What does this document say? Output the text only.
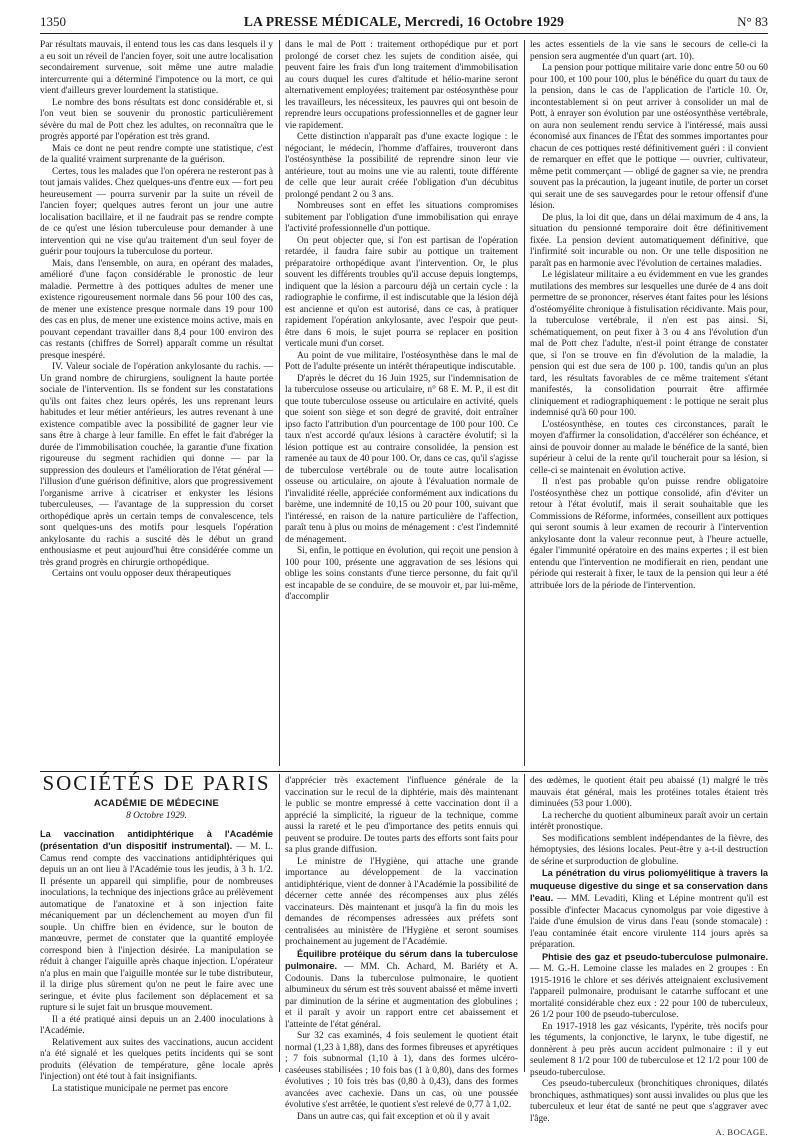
1350	LA PRESSE MÉDICALE, Mercredi, 16 Octobre 1929	N° 83

Par résultats mauvais, il entend tous les cas dans lesquels il y a eu soit un réveil de l'ancien foyer, soit une autre localisation secondairement survenue, soit même une autre maladie intercurrente qui a déterminé l'impotence ou la mort, ce qui vient d'ailleurs grever lourdement la statistique.

Le nombre des bons résultats est donc considérable et, si l'on veut bien se souvenir du pronostic particulièrement sévère du mal de Pott chez les adultes, on reconnaîtra que le progrès apporté par l'opération est très grand.

Mais ce dont ne peut rendre compte une statistique, c'est de la qualité vraiment surprenante de la guérison.

Certes, tous les malades que l'on opérera ne resteront pas à tout jamais valides. Chez quelques-uns d'entre eux — fort peu heureusement — pourra survenir par la suite un réveil de l'ancien foyer; quelques autres feront un jour une autre localisation bacillaire, et il ne faudrait pas se rendre compte de ce qu'est une lésion tuberculeuse pour demander à une intervention qui ne vise qu'au traitement d'un seul foyer de guérir pour toujours la tuberculose du porteur.

Mais, dans l'ensemble, on aura, en opérant des malades, amélioré d'une façon considérable le pronostic de leur maladie. Permettre à des pottiques adultes de mener une existence rigoureusement normale dans 56 pour 100 des cas, de mener une existence presque normale dans 19 pour 100 des cas en plus, de mener une existence moins active, mais en pouvant cependant travailler dans 8,4 pour 100 environ des cas restants (chiffres de Sorrel) apparaît comme un résultat presque inespéré.

IV. Valeur sociale de l'opération ankylosante du rachis. — Un grand nombre de chirurgiens, soulignent la haute portée sociale de l'intervention. Ils se fondent sur les constatations qu'ils ont faites chez leurs opérés, les uns reprenant leurs habitudes et leur métier antérieurs, les autres revenant à une existence compatible avec la possibilité de gagner leur vie sans être à charge à leur famille. En effet le fait d'abréger la durée de l'immobilisation couchée, la garantie d'une fixation rigoureuse du segment rachidien qui donne — par la suppression des douleurs et l'amélioration de l'état général — l'illusion d'une guérison définitive, alors que progressivement l'organisme arrive à cicatriser et enkyster les lésions tuberculeuses, — l'avantage de la suppression du corset orthopédique après un certain temps de convalescence, tels sont quelques-uns des motifs pour lesquels l'opération ankylosante du rachis a suscité dès le début un grand enthousiasme et peut aujourd'hui être considérée comme un très grand progrès en chirurgie orthopédique.

Certains ont voulu opposer deux thérapeutiques

dans le mal de Pott : traitement orthopédique pur et port prolongé de corset chez les sujets de condition aisée, qui peuvent faire les frais d'un long traitement d'immobilisation au cours duquel les cures d'altitude et hélio-marine seront alternativement employées; traitement par ostéosynthèse pour les travailleurs, les nécessiteux, les pauvres qui ont besoin de reprendre leurs occupations professionnelles et de gagner leur vie rapidement.

Cette distinction n'apparaît pas d'une exacte logique : le négociant, le médecin, l'homme d'affaires, trouveront dans l'ostéosynthèse la possibilité de reprendre sinon leur vie antérieure, tout au moins une vie au ralenti, toute différente de celle que leur aurait créée l'obligation d'un décubitus prolongé pendant 2 ou 3 ans.

Nombreuses sont en effet les situations compromises subitement par l'obligation d'une immobilisation qui enraye l'activité professionnelle d'un pottique.

On peut objecter que, si l'on est partisan de l'opération retardée, il faudra faire subir au pottique un traitement préparatoire orthopédique avant l'intervention. Or, le plus souvent les différents troubles qu'il accuse depuis longtemps, indiquent que la lésion a parcouru déjà un certain cycle : la radiographie le confirme, il est indiscutable que la lésion déjà est ancienne et qu'on est autorisé, dans ce cas, à pratiquer rapidement l'opération ankylosante, avec l'espoir que peut-être dans 6 mois, le sujet pourra se replacer en position verticale muni d'un corset.

Au point de vue militaire, l'ostéosynthèse dans le mal de Pott de l'adulte présente un intérêt thérapeutique indiscutable.

D'après le décret du 16 Juin 1925, sur l'indemnisation de la tuberculose osseuse ou articulaire, n° 68 E. M. P., il est dit que toute tuberculose osseuse ou articulaire en activité, quels que soient son siège et son degré de gravité, doit entraîner ipso facto l'attribution d'un pourcentage de 100 pour 100. Ce taux n'est accordé qu'aux lésions à caractère évolutif; si la lésion pottique est au contraire consolidée, la pension est ramenée au taux de 40 pour 100. Or, dans ce cas, qu'il s'agisse de tuberculose vertébrale ou de toute autre localisation osseuse ou articulaire, on ajoute à l'évaluation normale de l'invalidité réelle, appréciée conformément aux indications du barème, une indemnité de 10,15 ou 20 pour 100, suivant que l'intéressé, en raison de la nature particulière de l'affection, paraît tenu à plus ou moins de ménagement : c'est l'indemnité de ménagement.

Si, enfin, le pottique en évolution, qui reçoit une pension à 100 pour 100, présente une aggravation de ses lésions qui oblige les soins constants d'une tierce personne, du fait qu'il est incapable de se conduire, de se mouvoir et, par lui-même, d'accomplir

les actes essentiels de la vie sans le secours de celle-ci la pension sera augmentée d'un quart (art. 10).

La pension pour pottique militaire varie donc entre 50 ou 60 pour 100, et 100 pour 100, plus le bénéfice du quart du taux de la pension, dans le cas de l'application de l'article 10. Or, incontestablement si on peut arriver à consolider un mal de Pott, à enrayer son évolution par une ostéosynthèse vertébrale, on aura non seulement rendu service à l'intéressé, mais aussi économisé aux finances de l'État des sommes importantes pour chacun de ces pottiques resté définitivement guéri : il convient de remarquer en effet que le pottique — ouvrier, cultivateur, même petit commerçant — obligé de gagner sa vie, ne prendra souvent pas la précaution, la jugeant inutile, de porter un corset qui serait une de ses sauvegardes pour le retour offensif d'une lésion.

De plus, la loi dit que, dans un délai maximum de 4 ans, la situation du pensionné temporaire doit être définitivement fixée. La pension devient automatiquement définitive, que l'infirmité soit incurable ou non. Or une telle disposition ne paraît pas en harmonie avec l'évolution de certaines maladies.

Le législateur militaire a eu évidemment en vue les grandes mutilations des membres sur lesquelles une durée de 4 ans doit permettre de se prononcer, réserves étant faites pour les lésions d'ostéomyélite chronique à fistulisation récidivante. Mais pour, la tuberculose vertébrale, il n'en est pas ainsi. Si, schématiquement, on peut fixer à 3 ou 4 ans l'évolution d'un mal de Pott chez l'adulte, n'est-il point étrange de constater que, si l'on se trouve en fin d'évolution de la maladie, la pension qui est due sera de 100 p. 100, tandis qu'un an plus tard, les résultats favorables de ce même traitement s'étant manifestés, la consolidation pourrait être affirmée cliniquement et radiographiquement : le pottique ne serait plus indemnisé qu'à 60 pour 100.

L'ostéosynthèse, en toutes ces circonstances, paraît le moyen d'affirmer la consolidation, d'accélérer son échéance, et ainsi de pouvoir donner au malade le bénéfice de la santé, bien supérieur à celui de la rente qu'il toucherait pour sa lésion, si celle-ci se maintenait en évolution active.

Il n'est pas probable qu'on puisse rendre obligatoire l'ostéosynthèse chez un pottique consolidé, afin d'éviter un retour à l'état évolutif, mais il serait souhaitable que les Commissions de Réforme, informées, conseillent aux pottiques qui seront soumis à leur examen de recourir à l'intervention ankylosante dont la valeur reconnue peut, à l'heure actuelle, égaler l'immunité opératoire en des mains expertes ; il est bien entendu que l'intervention ne modifierait en rien, pendant une période qui resterait à fixer, le taux de la pension qui leur a été attribuée lors de la période de l'intervention.

SOCIÉTÉS DE PARIS
ACADÉMIE DE MÉDECINE
8 Octobre 1929.

La vaccination antidiphtérique à l'Académie (présentation d'un dispositif instrumental). — M. L. Camus rend compte des vaccinations antidiphtériques qui depuis un an ont lieu à l'Académie tous les jeudis, à 3 h. 1/2. Il présente un appareil qui simplifie, pour de nombreuses inoculations, la technique des injections grâce au prélèvement automatique de l'anatoxine et à son injection faite mécaniquement par un déclenchement au moyen d'un fil souple. Un chiffre bien en évidence, sur le bouton de manœuvre, permet de constater que la quantité employée correspond bien à l'injection désirée. La manipulation se réduit à changer l'aiguille après chaque injection. L'opérateur n'a plus en main que l'aiguille montée sur le tube distributeur, il la dirige plus sûrement qu'on ne peut le faire avec une seringue, et évite plus facilement son déplacement et sa rupture si le sujet fait un brusque mouvement.

Il a été pratiqué ainsi depuis un an 2.400 inoculations à l'Académie.

Relativement aux suites des vaccinations, aucun accident n'a été signalé et les quelques petits incidents qui se sont produits (élévation de température, gêne locale après l'injection) ont été tout à fait insignifiants.

La statistique municipale ne permet pas encore

d'apprécier très exactement l'influence générale de la vaccination sur le recul de la diphtérie, mais dès maintenant le public se montre empressé à cette vaccination dont il a apprécié la simplicité, la rigueur de la technique, comme aussi la rareté et le peu d'importance des petits ennuis qui peuvent se produire. De toutes parts des efforts sont faits pour sa plus grande diffusion.

Le ministre de l'Hygiène, qui attache une grande importance au développement de la vaccination antidiphtérique, vient de donner à l'Académie la possibilité de décerner cette année des récompenses aux plus zélés vaccinateurs. Dès maintenant et jusqu'à la fin du mois les demandes de récompenses adressées aux préfets sont centralisées au ministère de l'Hygiène et seront soumises prochainement au jugement de l'Académie.

Équilibre protéique du sérum dans la tuberculose pulmonaire. — MM. Ch. Achard, M. Bariéty et A. Codounis. Dans la tuberculose pulmonaire, le quotient albumineux du sérum est très souvent abaissé et même inverti par diminution de la sérine et augmentation des globulines ; et il paraît y avoir un rapport entre cet abaissement et l'atteinte de l'état général.

Sur 32 cas examinés, 4 fois seulement le quotient était normal (1,23 à 1,88), dans des formes fibreuses et apyrétiques ; 7 fois subnormal (1,10 à 1), dans des formes ulcéro-caséeuses stabilisées ; 10 fois bas (1 à 0,80), dans des formes évolutives ; 10 fois très bas (0,80 à 0,43), dans des formes avancées avec cachexie. Dans un cas, où une poussée évolutive s'est arrêtée, le quotient s'est relevé de 0,77 à 1,02.

Dans un autre cas, qui fait exception et où il y avait

des œdèmes, le quotient était peu abaissé (1) malgré le très mauvais état général, mais les protéines totales étaient très diminuées (53 pour 1.000).

La recherche du quotient albumineux paraît avoir un certain intérêt pronostique.

Ses modifications semblent indépendantes de la fièvre, des hémoptysies, des lésions locales. Peut-être y a-t-il destruction de sérine et surproduction de globuline.

La pénétration du virus poliomyélitique à travers la muqueuse digestive du singe et sa conservation dans l'eau. — MM. Levaditi, Kling et Lépine montrent qu'il est possible d'infecter Macacus cynomolgus par voie digestive à l'aide d'une émulsion de virus dans l'eau (sonde stomacale) : l'eau contaminée était encore virulente 114 jours après sa préparation.

Phtisie des gaz et pseudo-tuberculose pulmonaire. — M. G.-H. Lemoine classe les malades en 2 groupes : En 1915-1916 le chlore et ses dérivés atteignaient exclusivement l'appareil pulmonaire, produisant le catarrhe suffocant et une mortalité considérable chez eux : 22 pour 100 de tuberculeux, 26 1/2 pour 100 de pseudo-tuberculose.

En 1917-1918 les gaz vésicants, l'ypérite, très nocifs pour les téguments, la conjonctive, le larynx, le tube digestif, ne donnèrent à peu près aucun accident pulmonaire : il y eut seulement 8 1/2 pour 100 de tuberculose et 12 1/2 pour 100 de pseudo-tuberculose.

Ces pseudo-tuberculeux (bronchitiques chroniques, dilatés bronchiques, asthmatiques) sont aussi invalides ou plus que les tuberculeux et leur état de santé ne peut que s'aggraver avec l'âge.

A. BOCAGE.
